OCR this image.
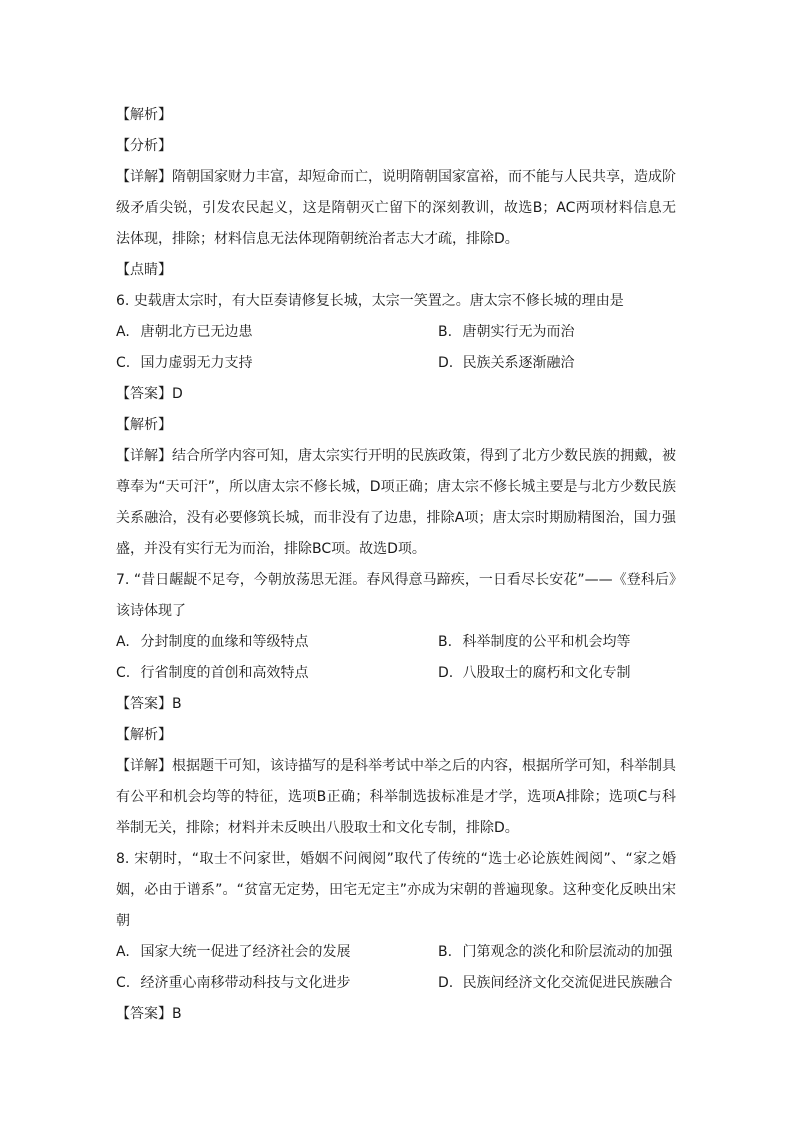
【解析】
【分析】
【详解】隋朝国家财力丰富，却短命而亡，说明隋朝国家富裕，而不能与人民共享，造成阶级矛盾尖锐，引发农民起义，这是隋朝灭亡留下的深刻教训，故选B；AC两项材料信息无法体现，排除；材料信息无法体现隋朝统治者志大才疏，排除D。
【点睛】
6. 史载唐太宗时，有大臣奏请修复长城，太宗一笑置之。唐太宗不修长城的理由是
A. 唐朝北方已无边患	B. 唐朝实行无为而治
C. 国力虚弱无力支持	D. 民族关系逐渐融洽
【答案】D
【解析】
【详解】结合所学内容可知，唐太宗实行开明的民族政策，得到了北方少数民族的拥戴，被尊奉为“天可汗”，所以唐太宗不修长城，D项正确；唐太宗不修长城主要是与北方少数民族关系融洽，没有必要修筑长城，而非没有了边患，排除A项；唐太宗时期励精图治，国力强盛，并没有实行无为而治，排除BC项。故选D项。
7. “昔日龌龊不足夸，今朝放荡思无涯。春风得意马蹄疾，一日看尽长安花”——《登科后》该诗体现了
A. 分封制度的血缘和等级特点	B. 科举制度的公平和机会均等
C. 行省制度的首创和高效特点	D. 八股取士的腐朽和文化专制
【答案】B
【解析】
【详解】根据题干可知，该诗描写的是科举考试中举之后的内容，根据所学可知，科举制具有公平和机会均等的特征，选项B正确；科举制选拔标准是才学，选项A排除；选项C与科举制无关，排除；材料并未反映出八股取士和文化专制，排除D。
8. 宋朝时，“取士不问家世，婚姻不问阀阅”取代了传统的“选士必论族姓阀阅”、“家之婚姻，必由于谱系”。“贫富无定势，田宅无定主”亦成为宋朝的普遍现象。这种变化反映出宋朝
A. 国家大统一促进了经济社会的发展	B. 门第观念的淡化和阶层流动的加强
C. 经济重心南移带动科技与文化进步	D. 民族间经济文化交流促进民族融合
【答案】B
